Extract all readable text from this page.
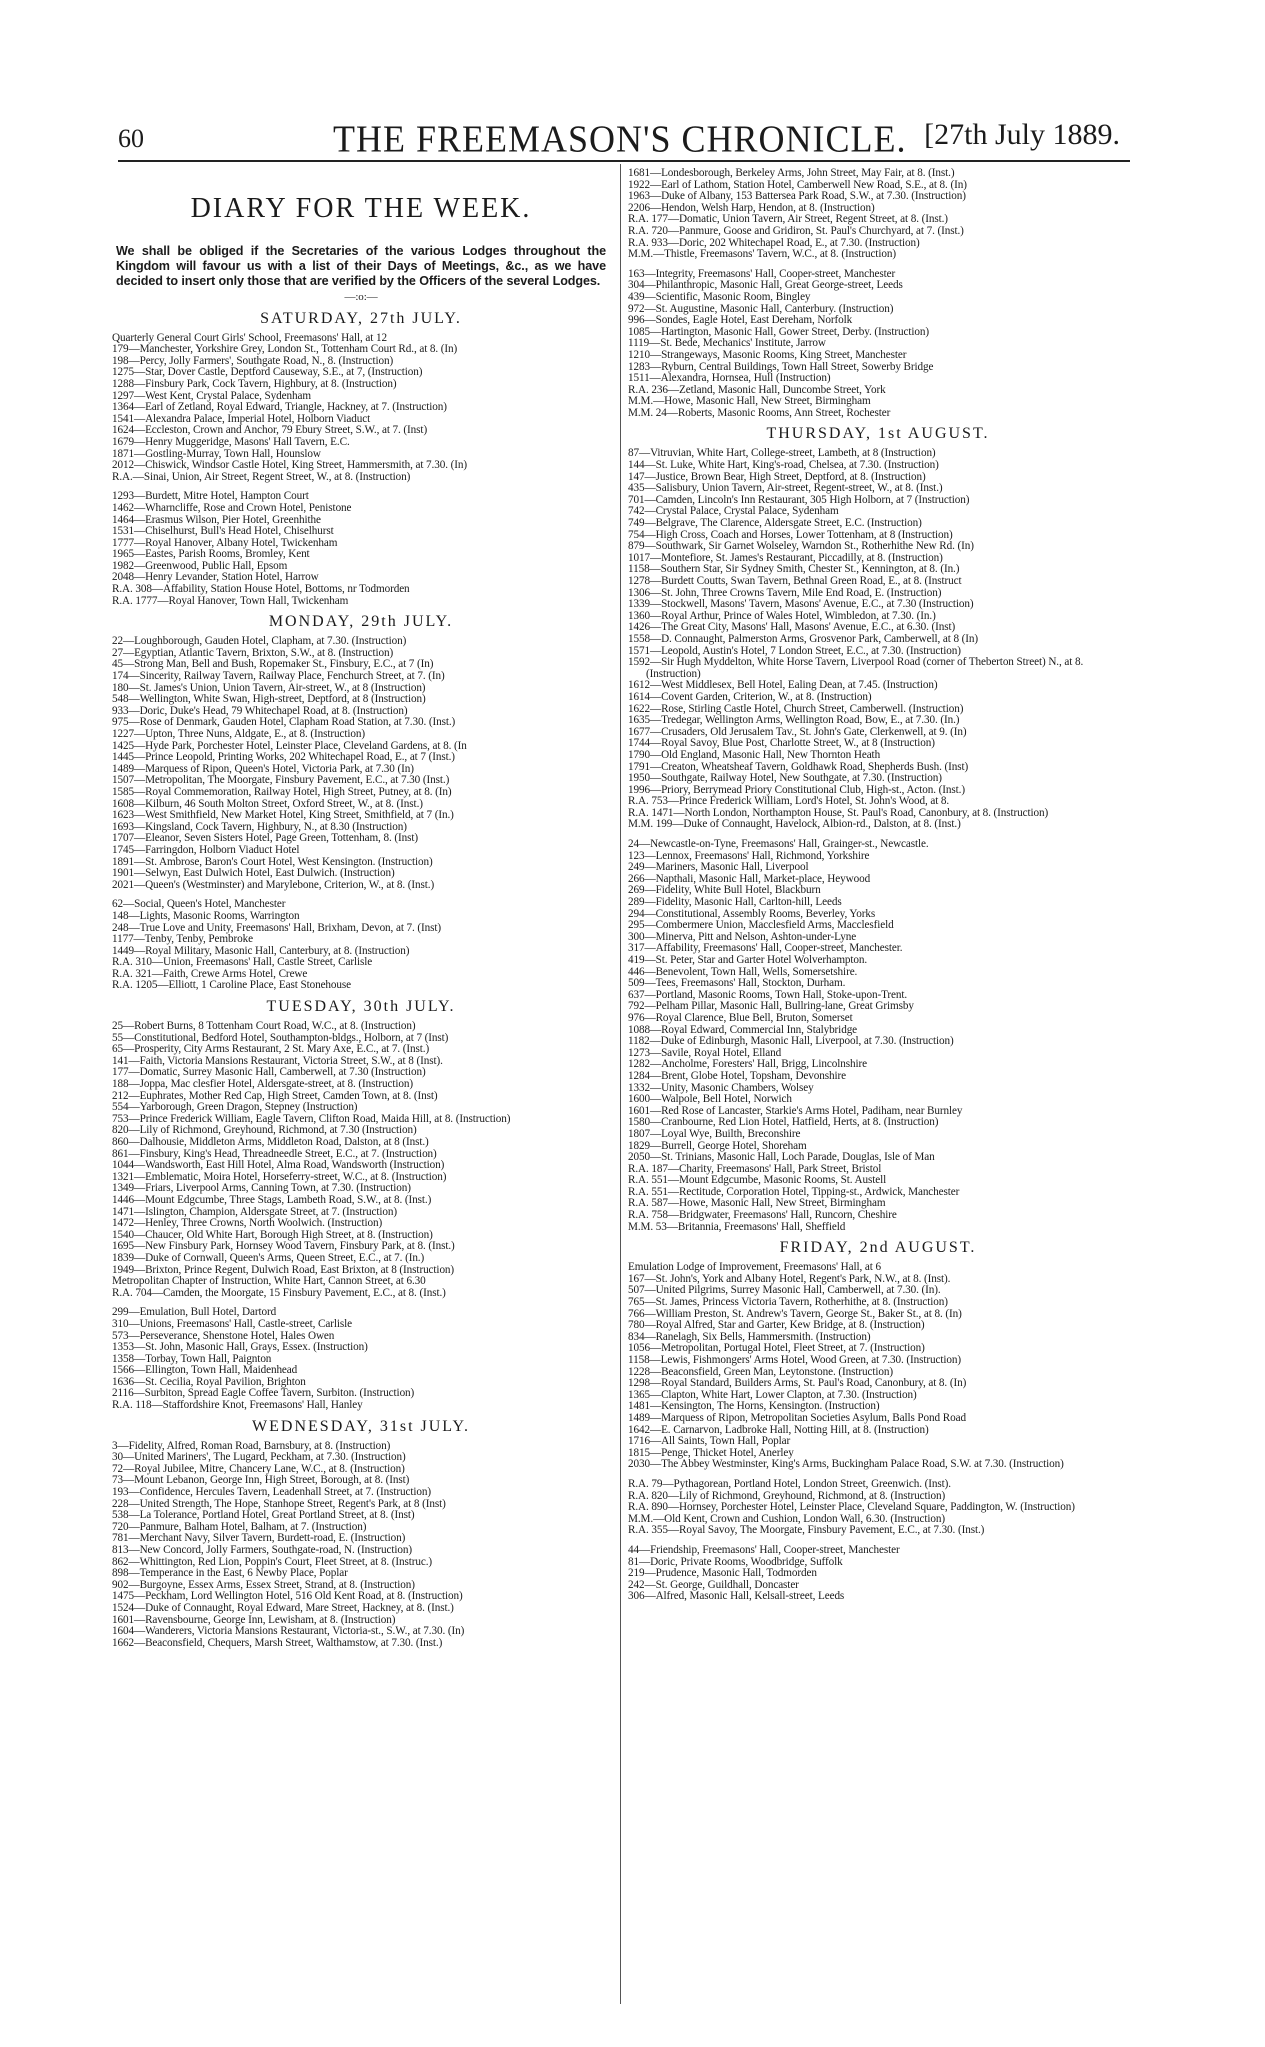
60	THE FREEMASON'S CHRONICLE. [27th July 1889.
DIARY FOR THE WEEK.
We shall be obliged if the Secretaries of the various Lodges throughout the Kingdom will favour us with a list of their Days of Meetings, &c., as we have decided to insert only those that are verified by the Officers of the several Lodges.
—:o:—
SATURDAY, 27th JULY.
Quarterly General Court Girls' School, Freemasons' Hall, at 12
179—Manchester, Yorkshire Grey, London St., Tottenham Court Rd., at 8. (In)
198—Percy, Jolly Farmers', Southgate Road, N., 8. (Instruction)
1275—Star, Dover Castle, Deptford Causeway, S.E., at 7, (Instruction)
1288—Finsbury Park, Cock Tavern, Highbury, at 8. (Instruction)
1297—West Kent, Crystal Palace, Sydenham
1364—Earl of Zetland, Royal Edward, Triangle, Hackney, at 7. (Instruction)
1541—Alexandra Palace, Imperial Hotel, Holborn Viaduct
1624—Eccleston, Crown and Anchor, 79 Ebury Street, S.W., at 7. (Inst)
1679—Henry Muggeridge, Masons' Hall Tavern, E.C.
1871—Gostling-Murray, Town Hall, Hounslow
2012—Chiswick, Windsor Castle Hotel, King Street, Hammersmith, at 7.30. (In)
R.A.—Sinai, Union, Air Street, Regent Street, W., at 8. (Instruction)
1293—Burdett, Mitre Hotel, Hampton Court
1462—Wharncliffe, Rose and Crown Hotel, Penistone
1464—Erasmus Wilson, Pier Hotel, Greenhithe
1531—Chiselhurst, Bull's Head Hotel, Chiselhurst
1777—Royal Hanover, Albany Hotel, Twickenham
1965—Eastes, Parish Rooms, Bromley, Kent
1982—Greenwood, Public Hall, Epsom
2048—Henry Levander, Station Hotel, Harrow
R.A. 308—Affability, Station House Hotel, Bottoms, nr Todmorden
R.A. 1777—Royal Hanover, Town Hall, Twickenham
MONDAY, 29th JULY.
22—Loughborough, Gauden Hotel, Clapham, at 7.30. (Instruction)
27—Egyptian, Atlantic Tavern, Brixton, S.W., at 8. (Instruction)
45—Strong Man, Bell and Bush, Ropemaker St., Finsbury, E.C., at 7 (In)
174—Sincerity, Railway Tavern, Railway Place, Fenchurch Street, at 7. (In)
180—St. James's Union, Union Tavern, Air-street, W., at 8 (Instruction)
548—Wellington, White Swan, High-street, Deptford, at 8 (Instruction)
933—Doric, Duke's Head, 79 Whitechapel Road, at 8. (Instruction)
975—Rose of Denmark, Gauden Hotel, Clapham Road Station, at 7.30. (Inst.)
1227—Upton, Three Nuns, Aldgate, E., at 8. (Instruction)
1425—Hyde Park, Porchester Hotel, Leinster Place, Cleveland Gardens, at 8. (In
1445—Prince Leopold, Printing Works, 202 Whitechapel Road, E., at 7 (Inst.)
1489—Marquess of Ripon, Queen's Hotel, Victoria Park, at 7.30 (In)
1507—Metropolitan, The Moorgate, Finsbury Pavement, E.C., at 7.30 (Inst.)
1585—Royal Commemoration, Railway Hotel, High Street, Putney, at 8. (In)
1608—Kilburn, 46 South Molton Street, Oxford Street, W., at 8. (Inst.)
1623—West Smithfield, New Market Hotel, King Street, Smithfield, at 7 (In.)
1693—Kingsland, Cock Tavern, Highbury, N., at 8.30 (Instruction)
1707—Eleanor, Seven Sisters Hotel, Page Green, Tottenham, 8. (Inst)
1745—Farringdon, Holborn Viaduct Hotel
1891—St. Ambrose, Baron's Court Hotel, West Kensington. (Instruction)
1901—Selwyn, East Dulwich Hotel, East Dulwich. (Instruction)
2021—Queen's (Westminster) and Marylebone, Criterion, W., at 8. (Inst.)
62—Social, Queen's Hotel, Manchester
148—Lights, Masonic Rooms, Warrington
248—True Love and Unity, Freemasons' Hall, Brixham, Devon, at 7. (Inst)
1177—Tenby, Tenby, Pembroke
1449—Royal Military, Masonic Hall, Canterbury, at 8. (Instruction)
R.A. 310—Union, Freemasons' Hall, Castle Street, Carlisle
R.A. 321—Faith, Crewe Arms Hotel, Crewe
R.A. 1205—Elliott, 1 Caroline Place, East Stonehouse
TUESDAY, 30th JULY.
25—Robert Burns, 8 Tottenham Court Road, W.C., at 8. (Instruction)
55—Constitutional, Bedford Hotel, Southampton-bldgs., Holborn, at 7 (Inst)
65—Prosperity, City Arms Restaurant, 2 St. Mary Axe, E.C., at 7. (Inst.)
141—Faith, Victoria Mansions Restaurant, Victoria Street, S.W., at 8 (Inst).
177—Domatic, Surrey Masonic Hall, Camberwell, at 7.30 (Instruction)
188—Joppa, Mac clesfier Hotel, Aldersgate-street, at 8. (Instruction)
212—Euphrates, Mother Red Cap, High Street, Camden Town, at 8. (Inst)
554—Yarborough, Green Dragon, Stepney (Instruction)
753—Prince Frederick William, Eagle Tavern, Clifton Road, Maida Hill, at 8. (Instruction)
820—Lily of Richmond, Greyhound, Richmond, at 7.30 (Instruction)
860—Dalhousie, Middleton Arms, Middleton Road, Dalston, at 8 (Inst.)
861—Finsbury, King's Head, Threadneedle Street, E.C., at 7. (Instruction)
1044—Wandsworth, East Hill Hotel, Alma Road, Wandsworth (Instruction)
1321—Emblematic, Moira Hotel, Horseferry-street, W.C., at 8. (Instruction)
1349—Friars, Liverpool Arms, Canning Town, at 7.30. (Instruction)
1446—Mount Edgcumbe, Three Stags, Lambeth Road, S.W., at 8. (Inst.)
1471—Islington, Champion, Aldersgate Street, at 7. (Instruction)
1472—Henley, Three Crowns, North Woolwich. (Instruction)
1540—Chaucer, Old White Hart, Borough High Street, at 8. (Instruction)
1695—New Finsbury Park, Hornsey Wood Tavern, Finsbury Park, at 8. (Inst.)
1839—Duke of Cornwall, Queen's Arms, Queen Street, E.C., at 7. (In.)
1949—Brixton, Prince Regent, Dulwich Road, East Brixton, at 8 (Instruction)
Metropolitan Chapter of Instruction, White Hart, Cannon Street, at 6.30
R.A. 704—Camden, the Moorgate, 15 Finsbury Pavement, E.C., at 8. (Inst.)
299—Emulation, Bull Hotel, Dartord
310—Unions, Freemasons' Hall, Castle-street, Carlisle
573—Perseverance, Shenstone Hotel, Hales Owen
1353—St. John, Masonic Hall, Grays, Essex. (Instruction)
1358—Torbay, Town Hall, Paignton
1566—Ellington, Town Hall, Maidenhead
1636—St. Cecilia, Royal Pavilion, Brighton
2116—Surbiton, Spread Eagle Coffee Tavern, Surbiton. (Instruction)
R.A. 118—Staffordshire Knot, Freemasons' Hall, Hanley
WEDNESDAY, 31st JULY.
3—Fidelity, Alfred, Roman Road, Barnsbury, at 8. (Instruction)
30—United Mariners', The Lugard, Peckham, at 7.30. (Instruction)
72—Royal Jubilee, Mitre, Chancery Lane, W.C., at 8. (Instruction)
73—Mount Lebanon, George Inn, High Street, Borough, at 8. (Inst)
193—Confidence, Hercules Tavern, Leadenhall Street, at 7. (Instruction)
228—United Strength, The Hope, Stanhope Street, Regent's Park, at 8 (Inst)
538—La Tolerance, Portland Hotel, Great Portland Street, at 8. (Inst)
720—Panmure, Balham Hotel, Balham, at 7. (Instruction)
781—Merchant Navy, Silver Tavern, Burdett-road, E. (Instruction)
813—New Concord, Jolly Farmers, Southgate-road, N. (Instruction)
862—Whittington, Red Lion, Poppin's Court, Fleet Street, at 8. (Instruc.)
898—Temperance in the East, 6 Newby Place, Poplar
902—Burgoyne, Essex Arms, Essex Street, Strand, at 8. (Instruction)
1475—Peckham, Lord Wellington Hotel, 516 Old Kent Road, at 8. (Instruction)
1524—Duke of Connaught, Royal Edward, Mare Street, Hackney, at 8. (Inst.)
1601—Ravensbourne, George Inn, Lewisham, at 8. (Instruction)
1604—Wanderers, Victoria Mansions Restaurant, Victoria-st., S.W., at 7.30. (In)
1662—Beaconsfield, Chequers, Marsh Street, Walthamstow, at 7.30. (Inst.)
1681—Londesborough, Berkeley Arms, John Street, May Fair, at 8. (Inst.)
1922—Earl of Lathom, Station Hotel, Camberwell New Road, S.E., at 8. (In)
1963—Duke of Albany, 153 Battersea Park Road, S.W., at 7.30. (Instruction)
2206—Hendon, Welsh Harp, Hendon, at 8. (Instruction)
R.A. 177—Domatic, Union Tavern, Air Street, Regent Street, at 8. (Inst.)
R.A. 720—Panmure, Goose and Gridiron, St. Paul's Churchyard, at 7. (Inst.)
R.A. 933—Doric, 202 Whitechapel Road, E., at 7.30. (Instruction)
M.M.—Thistle, Freemasons' Tavern, W.C., at 8. (Instruction)
163—Integrity, Freemasons' Hall, Cooper-street, Manchester
304—Philanthropic, Masonic Hall, Great George-street, Leeds
439—Scientific, Masonic Room, Bingley
972—St. Augustine, Masonic Hall, Canterbury. (Instruction)
996—Sondes, Eagle Hotel, East Dereham, Norfolk
1085—Hartington, Masonic Hall, Gower Street, Derby. (Instruction)
1119—St. Bede, Mechanics' Institute, Jarrow
1210—Strangeways, Masonic Rooms, King Street, Manchester
1283—Ryburn, Central Buildings, Town Hall Street, Sowerby Bridge
1511—Alexandra, Hornsea, Hull (Instruction)
R.A. 236—Zetland, Masonic Hall, Duncombe Street, York
M.M.—Howe, Masonic Hall, New Street, Birmingham
M.M. 24—Roberts, Masonic Rooms, Ann Street, Rochester
THURSDAY, 1st AUGUST.
87—Vitruvian, White Hart, College-street, Lambeth, at 8 (Instruction)
144—St. Luke, White Hart, King's-road, Chelsea, at 7.30. (Instruction)
147—Justice, Brown Bear, High Street, Deptford, at 8. (Instruction)
435—Salisbury, Union Tavern, Air-street, Regent-street, W., at 8. (Inst.)
701—Camden, Lincoln's Inn Restaurant, 305 High Holborn, at 7 (Instruction)
742—Crystal Palace, Crystal Palace, Sydenham
749—Belgrave, The Clarence, Aldersgate Street, E.C. (Instruction)
754—High Cross, Coach and Horses, Lower Tottenham, at 8 (Instruction)
879—Southwark, Sir Garnet Wolseley, Warndon St., Rotherhithe New Rd. (In)
1017—Montefiore, St. James's Restaurant, Piccadilly, at 8. (Instruction)
1158—Southern Star, Sir Sydney Smith, Chester St., Kennington, at 8. (In.)
1278—Burdett Coutts, Swan Tavern, Bethnal Green Road, E., at 8. (Instruct
1306—St. John, Three Crowns Tavern, Mile End Road, E. (Instruction)
1339—Stockwell, Masons' Tavern, Masons' Avenue, E.C., at 7.30 (Instruction)
1360—Royal Arthur, Prince of Wales Hotel, Wimbledon, at 7.30. (In.)
1426—The Great City, Masons' Hall, Masons' Avenue, E.C., at 6.30. (Inst)
1558—D. Connaught, Palmerston Arms, Grosvenor Park, Camberwell, at 8 (In)
1571—Leopold, Austin's Hotel, 7 London Street, E.C., at 7.30. (Instruction)
1592—Sir Hugh Myddelton, White Horse Tavern, Liverpool Road (corner of Theberton Street) N., at 8. (Instruction)
1612—West Middlesex, Bell Hotel, Ealing Dean, at 7.45. (Instruction)
1614—Covent Garden, Criterion, W., at 8. (Instruction)
1622—Rose, Stirling Castle Hotel, Church Street, Camberwell. (Instruction)
1635—Tredegar, Wellington Arms, Wellington Road, Bow, E., at 7.30. (In.)
1677—Crusaders, Old Jerusalem Tav., St. John's Gate, Clerkenwell, at 9. (In)
1744—Royal Savoy, Blue Post, Charlotte Street, W., at 8 (Instruction)
1790—Old England, Masonic Hall, New Thornton Heath
1791—Creaton, Wheatsheaf Tavern, Goldhawk Road, Shepherds Bush. (Inst)
1950—Southgate, Railway Hotel, New Southgate, at 7.30. (Instruction)
1996—Priory, Berrymead Priory Constitutional Club, High-st., Acton. (Inst.)
R.A. 753—Prince Frederick William, Lord's Hotel, St. John's Wood, at 8.
R.A. 1471—North London, Northampton House, St. Paul's Road, Canonbury, at 8. (Instruction)
M.M. 199—Duke of Connaught, Havelock, Albion-rd., Dalston, at 8. (Inst.)
24—Newcastle-on-Tyne, Freemasons' Hall, Grainger-st., Newcastle.
123—Lennox, Freemasons' Hall, Richmond, Yorkshire
249—Mariners, Masonic Hall, Liverpool
266—Napthali, Masonic Hall, Market-place, Heywood
269—Fidelity, White Bull Hotel, Blackburn
289—Fidelity, Masonic Hall, Carlton-hill, Leeds
294—Constitutional, Assembly Rooms, Beverley, Yorks
295—Combermere Union, Macclesfield Arms, Macclesfield
300—Minerva, Pitt and Nelson, Ashton-under-Lyne
317—Affability, Freemasons' Hall, Cooper-street, Manchester.
419—St. Peter, Star and Garter Hotel Wolverhampton.
446—Benevolent, Town Hall, Wells, Somersetshire.
509—Tees, Freemasons' Hall, Stockton, Durham.
637—Portland, Masonic Rooms, Town Hall, Stoke-upon-Trent.
792—Pelham Pillar, Masonic Hall, Bullring-lane, Great Grimsby
976—Royal Clarence, Blue Bell, Bruton, Somerset
1088—Royal Edward, Commercial Inn, Stalybridge
1182—Duke of Edinburgh, Masonic Hall, Liverpool, at 7.30. (Instruction)
1273—Savile, Royal Hotel, Elland
1282—Ancholme, Foresters' Hall, Brigg, Lincolnshire
1284—Brent, Globe Hotel, Topsham, Devonshire
1332—Unity, Masonic Chambers, Wolsey
1600—Walpole, Bell Hotel, Norwich
1601—Red Rose of Lancaster, Starkie's Arms Hotel, Padiham, near Burnley
1580—Cranbourne, Red Lion Hotel, Hatfield, Herts, at 8. (Instruction)
1807—Loyal Wye, Builth, Breconshire
1829—Burrell, George Hotel, Shoreham
2050—St. Trinians, Masonic Hall, Loch Parade, Douglas, Isle of Man
R.A. 187—Charity, Freemasons' Hall, Park Street, Bristol
R.A. 551—Mount Edgcumbe, Masonic Rooms, St. Austell
R.A. 551—Rectitude, Corporation Hotel, Tipping-st., Ardwick, Manchester
R.A. 587—Howe, Masonic Hall, New Street, Birmingham
R.A. 758—Bridgwater, Freemasons' Hall, Runcorn, Cheshire
M.M. 53—Britannia, Freemasons' Hall, Sheffield
FRIDAY, 2nd AUGUST.
Emulation Lodge of Improvement, Freemasons' Hall, at 6
167—St. John's, York and Albany Hotel, Regent's Park, N.W., at 8. (Inst).
507—United Pilgrims, Surrey Masonic Hall, Camberwell, at 7.30. (In).
765—St. James, Princess Victoria Tavern, Rotherhithe, at 8. (Instruction)
766—William Preston, St. Andrew's Tavern, George St., Baker St., at 8. (In)
780—Royal Alfred, Star and Garter, Kew Bridge, at 8. (Instruction)
834—Ranelagh, Six Bells, Hammersmith. (Instruction)
1056—Metropolitan, Portugal Hotel, Fleet Street, at 7. (Instruction)
1158—Lewis, Fishmongers' Arms Hotel, Wood Green, at 7.30. (Instruction)
1228—Beaconsfield, Green Man, Leytonstone. (Instruction)
1298—Royal Standard, Builders Arms, St. Paul's Road, Canonbury, at 8. (In)
1365—Clapton, White Hart, Lower Clapton, at 7.30. (Instruction)
1481—Kensington, The Horns, Kensington. (Instruction)
1489—Marquess of Ripon, Metropolitan Societies Asylum, Balls Pond Road
1642—E. Carnarvon, Ladbroke Hall, Notting Hill, at 8. (Instruction)
1716—All Saints, Town Hall, Poplar
1815—Penge, Thicket Hotel, Anerley
2030—The Abbey Westminster, King's Arms, Buckingham Palace Road, S.W. at 7.30. (Instruction)
R.A. 79—Pythagorean, Portland Hotel, London Street, Greenwich. (Inst).
R.A. 820—Lily of Richmond, Greyhound, Richmond, at 8. (Instruction)
R.A. 890—Hornsey, Porchester Hotel, Leinster Place, Cleveland Square, Paddington, W. (Instruction)
M.M.—Old Kent, Crown and Cushion, London Wall, 6.30. (Instruction)
R.A. 355—Royal Savoy, The Moorgate, Finsbury Pavement, E.C., at 7.30. (Inst.)
44—Friendship, Freemasons' Hall, Cooper-street, Manchester
81—Doric, Private Rooms, Woodbridge, Suffolk
219—Prudence, Masonic Hall, Todmorden
242—St. George, Guildhall, Doncaster
306—Alfred, Masonic Hall, Kelsall-street, Leeds
